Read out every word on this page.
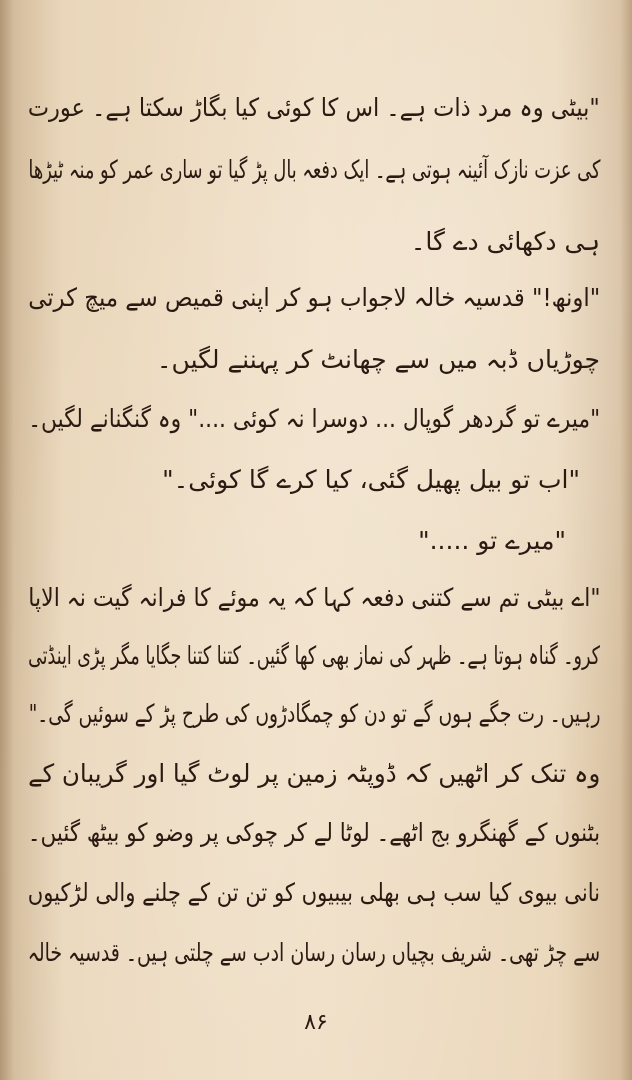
"بیٹی وہ مرد ذات ہے۔ اس کا کوئی کیا بگاڑ سکتا ہے۔ عورت
کی عزت نازک آئینہ ہوتی ہے۔ ایک دفعہ بال پڑ گیا تو ساری عمر کو منہ ٹیڑھا
ہی دکھائی دے گا۔
"اونھ!" قدسیہ خالہ لاجواب ہو کر اپنی قمیص سے میچ کرتی
چوڑیاں ڈبہ میں سے چھانٹ کر پہننے لگیں۔
"میرے تو گردھر گوپال ... دوسرا نہ کوئی ...." وہ گنگنانے لگیں۔
"اب تو بیل پھیل گئی، کیا کرے گا کوئی۔"
"میرے تو ....."
"اے بیٹی تم سے کتنی دفعہ کہا کہ یہ موئے کا فرانہ گیت نہ الاپا
کرو۔ گناہ ہوتا ہے۔ ظہر کی نماز بھی کھا گئیں۔ کتنا کتنا جگایا مگر پڑی اینڈتی
رہیں۔ رت جگے ہوں گے تو دن کو چمگادڑوں کی طرح پڑ کے سوئیں گی۔"
وہ تنک کر اٹھیں کہ ڈوپٹہ زمین پر لوٹ گیا اور گریبان کے
بٹنوں کے گھنگرو بج اٹھے۔ لوٹا لے کر چوکی پر وضو کو بیٹھ گئیں۔
نانی بیوی کیا سب ہی بھلی بیبیوں کو تن تن کے چلنے والی لڑکیوں
سے چڑ تھی۔ شریف بچیاں رسان رسان ادب سے چلتی ہیں۔ قدسیہ خالہ
۸۶
